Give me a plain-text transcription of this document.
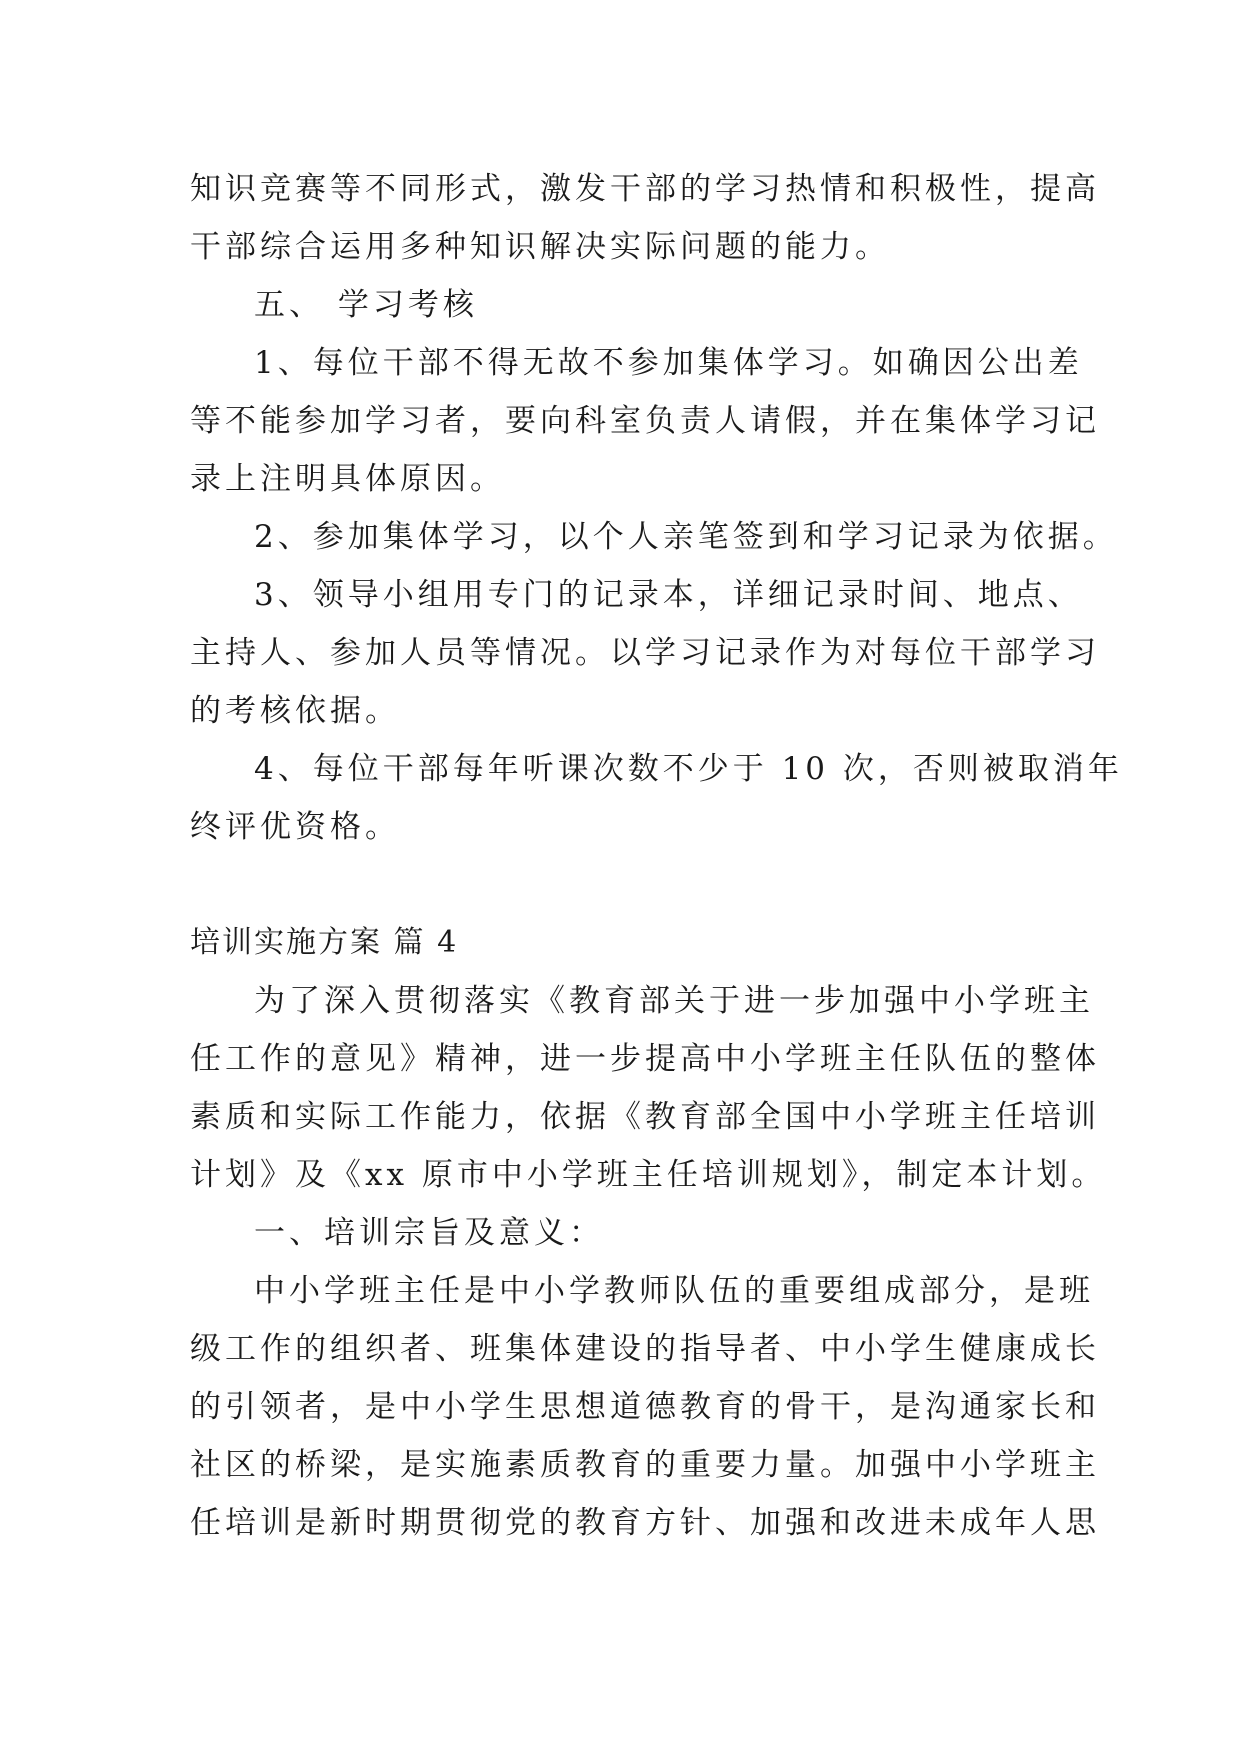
知识竞赛等不同形式，激发干部的学习热情和积极性，提高
干部综合运用多种知识解决实际问题的能力。
五、 学习考核
1、每位干部不得无故不参加集体学习。如确因公出差
等不能参加学习者，要向科室负责人请假，并在集体学习记
录上注明具体原因。
2、参加集体学习，以个人亲笔签到和学习记录为依据。
3、领导小组用专门的记录本，详细记录时间、地点、
主持人、参加人员等情况。以学习记录作为对每位干部学习
的考核依据。
4、每位干部每年听课次数不少于 10 次，否则被取消年
终评优资格。
培训实施方案 篇 4
为了深入贯彻落实《教育部关于进一步加强中小学班主
任工作的意见》精神，进一步提高中小学班主任队伍的整体
素质和实际工作能力，依据《教育部全国中小学班主任培训
计划》及《xx 原市中小学班主任培训规划》，制定本计划。
一、培训宗旨及意义：
中小学班主任是中小学教师队伍的重要组成部分，是班
级工作的组织者、班集体建设的指导者、中小学生健康成长
的引领者，是中小学生思想道德教育的骨干，是沟通家长和
社区的桥梁，是实施素质教育的重要力量。加强中小学班主
任培训是新时期贯彻党的教育方针、加强和改进未成年人思
